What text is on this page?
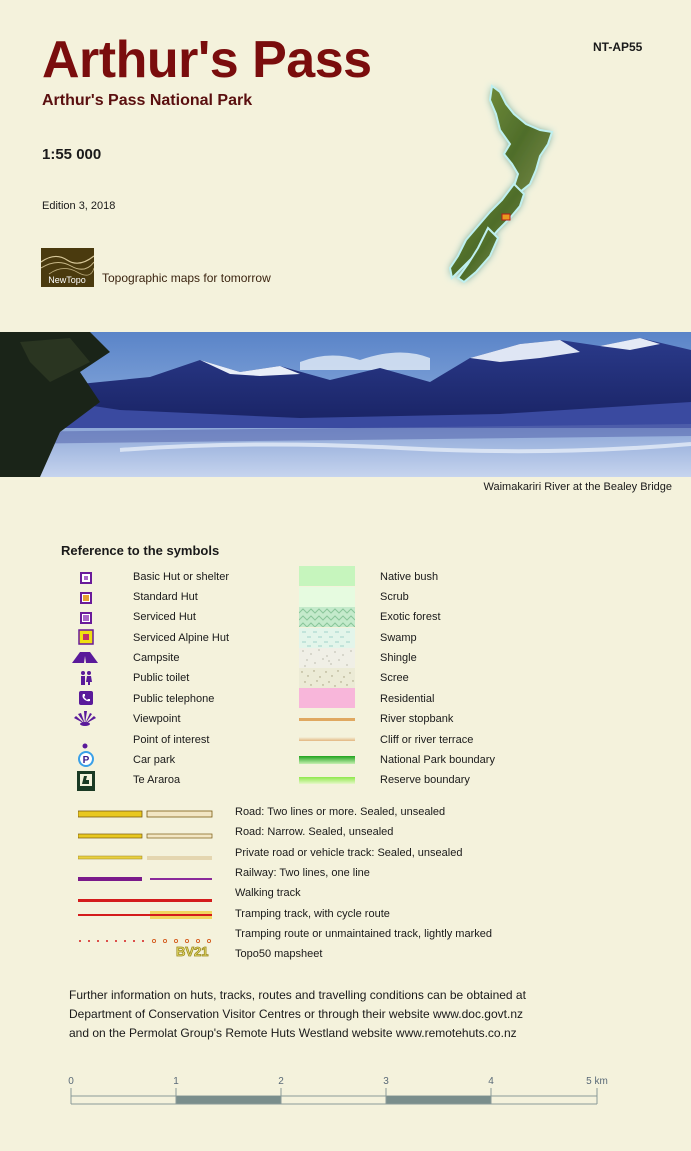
Arthur's Pass
Arthur's Pass National Park
NT-AP55
1:55 000
Edition 3, 2018
NewTopo Topographic maps for tomorrow
Waimakariri River at the Bealey Bridge
Reference to the symbols
Basic Hut or shelter
Standard Hut
Serviced Hut
Serviced Alpine Hut
Campsite
Public toilet
Public telephone
Viewpoint
Point of interest
P	Car park
Te Araroa
Native bush
Scrub
Exotic forest
Swamp
Shingle
Scree
Residential
River stopbank
Cliff or river terrace
National Park boundary
Reserve boundary
Road: Two lines or more. Sealed, unsealed
Road: Narrow. Sealed, unsealed
Private road or vehicle track: Sealed, unsealed
Railway: Two lines, one line
Walking track
Tramping track, with cycle route
Tramping route or unmaintained track, lightly marked
BV21 Topo50 mapsheet
Further information on huts, tracks, routes and travelling conditions can be obtained at
Department of Conservation Visitor Centres or through their website www.doc.govt.nz
and on the Permolat Group's Remote Huts Westland website www.remotehuts.co.nz
0	1	2	3	4	5 km
